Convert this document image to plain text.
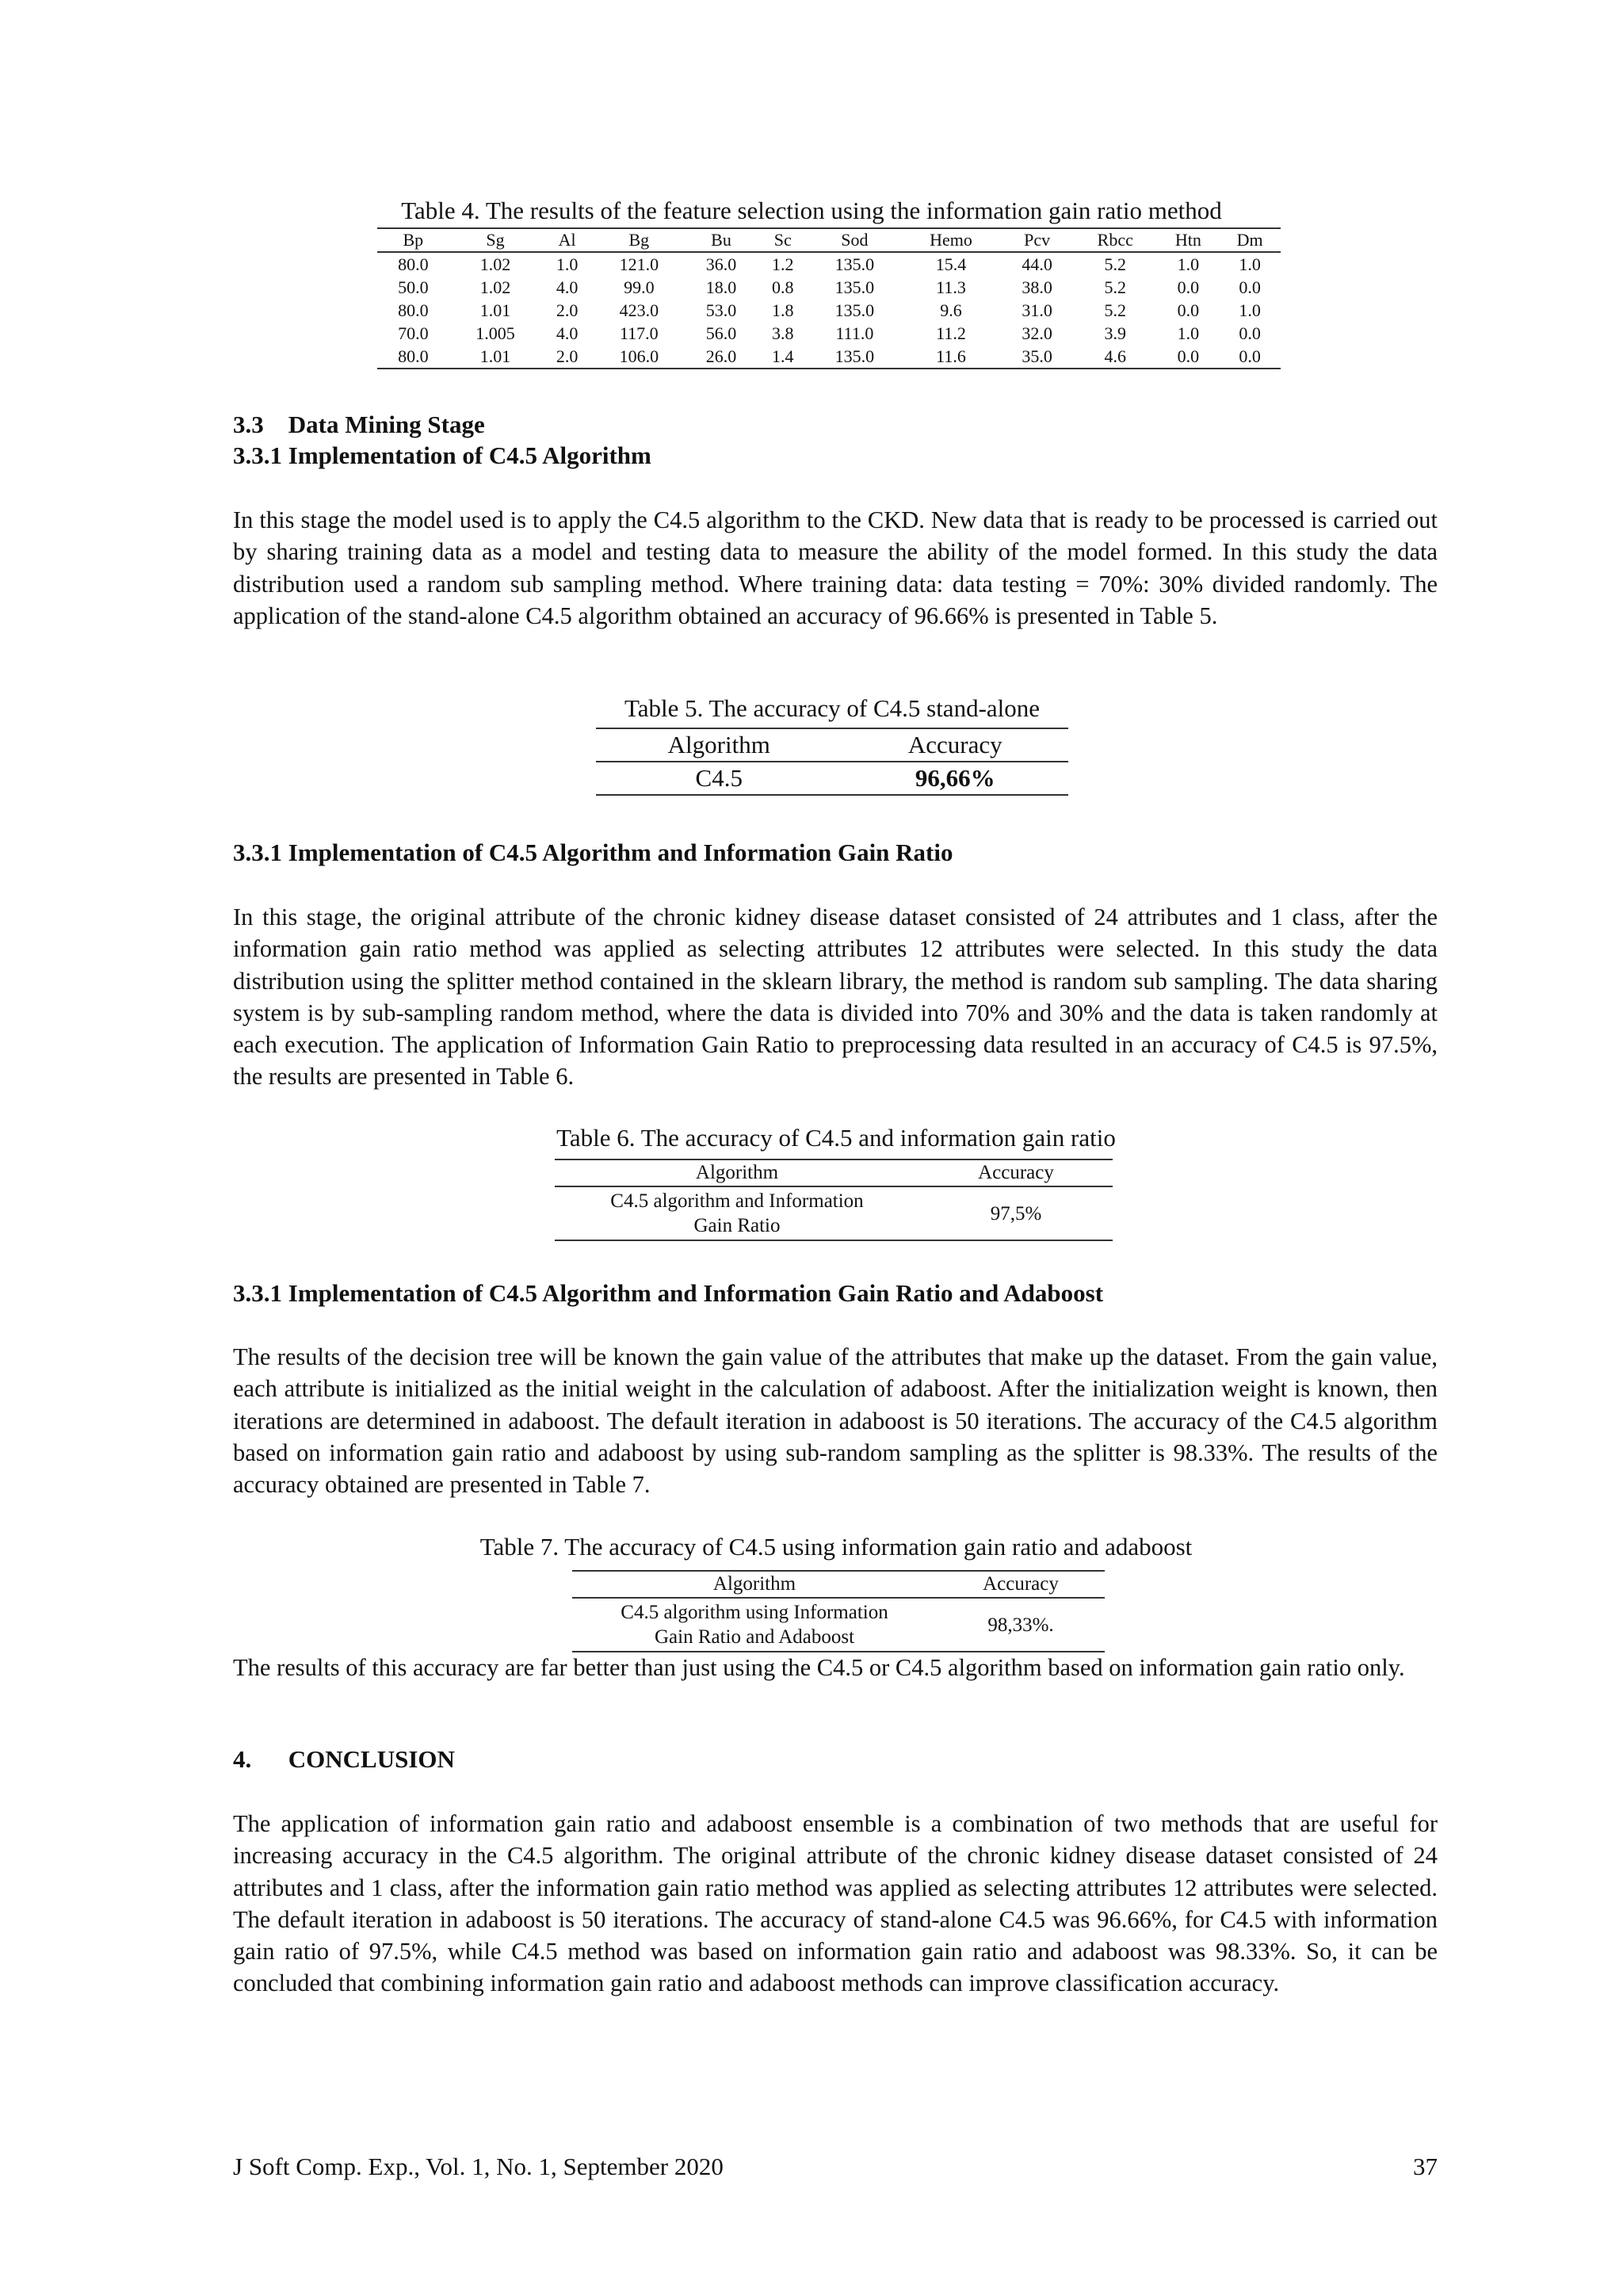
Table 4. The results of the feature selection using the information gain ratio method
Bp	Sg	Al	Bg	Bu	Sc	Sod	Hemo	Pcv	Rbcc	Htn	Dm
80.0	1.02	1.0	121.0	36.0	1.2	135.0	15.4	44.0	5.2	1.0	1.0
50.0	1.02	4.0	99.0	18.0	0.8	135.0	11.3	38.0	5.2	0.0	0.0
80.0	1.01	2.0	423.0	53.0	1.8	135.0	9.6	31.0	5.2	0.0	1.0
70.0	1.005	4.0	117.0	56.0	3.8	111.0	11.2	32.0	3.9	1.0	0.0
80.0	1.01	2.0	106.0	26.0	1.4	135.0	11.6	35.0	4.6	0.0	0.0
3.3    Data Mining Stage
3.3.1 Implementation of C4.5 Algorithm
In this stage the model used is to apply the C4.5 algorithm to the CKD. New data that is ready to be processed is carried out by sharing training data as a model and testing data to measure the ability of the model formed. In this study the data distribution used a random sub sampling method. Where training data: data testing = 70%: 30% divided randomly. The application of the stand-alone C4.5 algorithm obtained an accuracy of 96.66% is presented in Table 5.
Table 5. The accuracy of C4.5 stand-alone
Algorithm	Accuracy
C4.5	96,66%
3.3.1 Implementation of C4.5 Algorithm and Information Gain Ratio
In this stage, the original attribute of the chronic kidney disease dataset consisted of 24 attributes and 1 class, after the information gain ratio method was applied as selecting attributes 12 attributes were selected. In this study the data distribution using the splitter method contained in the sklearn library, the method is random sub sampling. The data sharing system is by sub-sampling random method, where the data is divided into 70% and 30% and the data is taken randomly at each execution. The application of Information Gain Ratio to preprocessing data resulted in an accuracy of C4.5 is 97.5%, the results are presented in Table 6.
Table 6. The accuracy of C4.5 and information gain ratio
Algorithm	Accuracy

C4.5 algorithm and Information
Gain Ratio	97,5%
3.3.1 Implementation of C4.5 Algorithm and Information Gain Ratio and Adaboost
The results of the decision tree will be known the gain value of the attributes that make up the dataset. From the gain value, each attribute is initialized as the initial weight in the calculation of adaboost. After the initialization weight is known, then iterations are determined in adaboost. The default iteration in adaboost is 50 iterations. The accuracy of the C4.5 algorithm based on information gain ratio and adaboost by using sub-random sampling as the splitter is 98.33%. The results of the accuracy obtained are presented in Table 7.
Table 7. The accuracy of C4.5 using information gain ratio and adaboost
Algorithm	Accuracy

C4.5 algorithm using Information
Gain Ratio and Adaboost	98,33%.
The results of this accuracy are far better than just using the C4.5 or C4.5 algorithm based on information gain ratio only.
4.      CONCLUSION
The application of information gain ratio and adaboost ensemble is a combination of two methods that are useful for increasing accuracy in the C4.5 algorithm. The original attribute of the chronic kidney disease dataset consisted of 24 attributes and 1 class, after the information gain ratio method was applied as selecting attributes 12 attributes were selected. The default iteration in adaboost is 50 iterations. The accuracy of stand-alone C4.5 was 96.66%, for C4.5 with information gain ratio of 97.5%, while C4.5 method was based on information gain ratio and adaboost was 98.33%. So, it can be concluded that combining information gain ratio and adaboost methods can improve classification accuracy.
J Soft Comp. Exp., Vol. 1, No. 1, September 2020	37
